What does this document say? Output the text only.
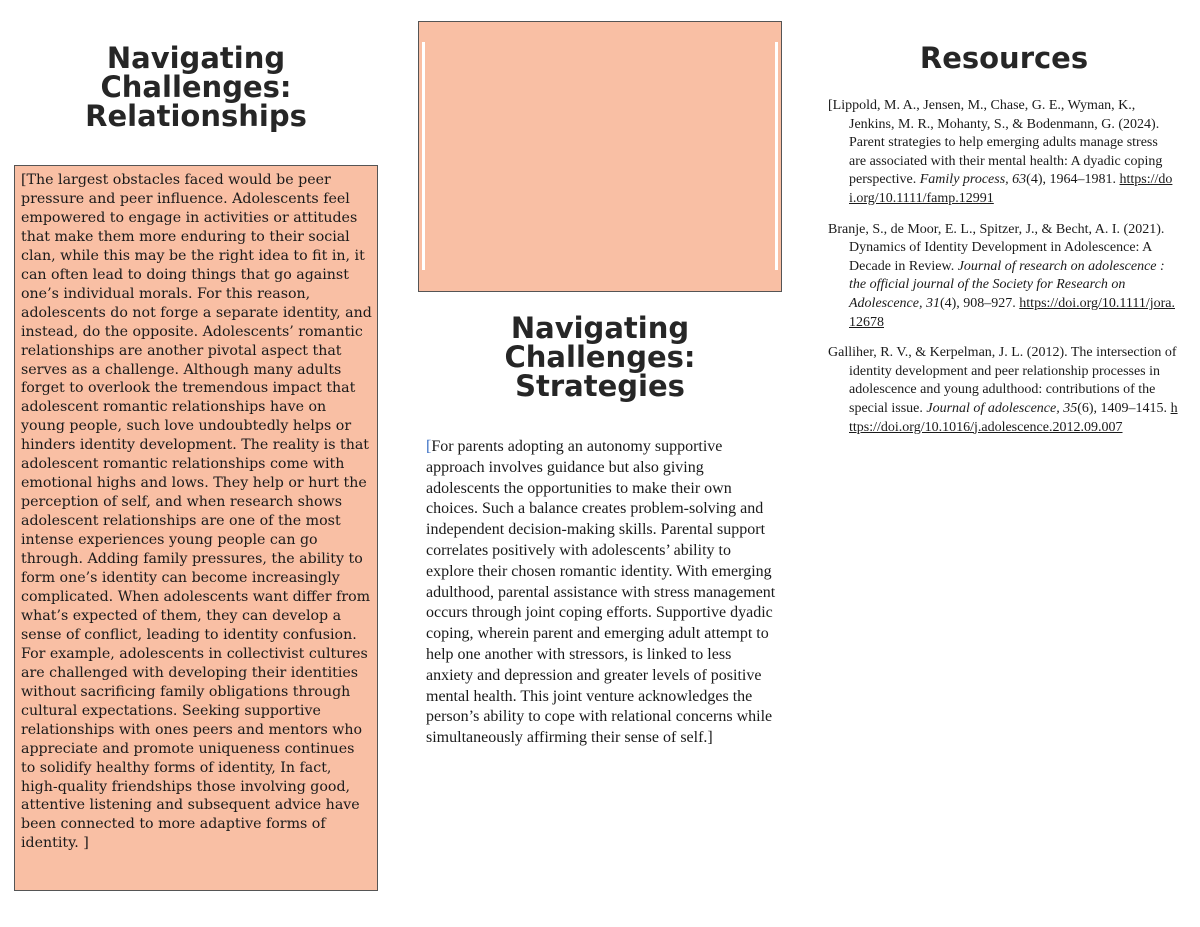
Navigating Challenges: Relationships

[The largest obstacles faced would be peer pressure and peer influence. Adolescents feel empowered to engage in activities or attitudes that make them more enduring to their social clan, while this may be the right idea to fit in, it can often lead to doing things that go against one’s individual morals. For this reason, adolescents do not forge a separate identity, and instead, do the opposite. Adolescents’ romantic relationships are another pivotal aspect that serves as a challenge. Although many adults forget to overlook the tremendous impact that adolescent romantic relationships have on young people, such love undoubtedly helps or hinders identity development. The reality is that adolescent romantic relationships come with emotional highs and lows. They help or hurt the perception of self, and when research shows adolescent relationships are one of the most intense experiences young people can go through. Adding family pressures, the ability to form one’s identity can become increasingly complicated. When adolescents want differ from what’s expected of them, they can develop a sense of conflict, leading to identity confusion. For example, adolescents in collectivist cultures are challenged with developing their identities without sacrificing family obligations through cultural expectations. Seeking supportive relationships with ones peers and mentors who appreciate and promote uniqueness continues to solidify healthy forms of identity, In fact, high-quality friendships those involving good, attentive listening and subsequent advice have been connected to more adaptive forms of identity. ]

Navigating Challenges: Strategies

[For parents adopting an autonomy supportive approach involves guidance but also giving adolescents the opportunities to make their own choices. Such a balance creates problem-solving and independent decision-making skills. Parental support correlates positively with adolescents’ ability to explore their chosen romantic identity. With emerging adulthood, parental assistance with stress management occurs through joint coping efforts. Supportive dyadic coping, wherein parent and emerging adult attempt to help one another with stressors, is linked to less anxiety and depression and greater levels of positive mental health. This joint venture acknowledges the person’s ability to cope with relational concerns while simultaneously affirming their sense of self.]

Resources

[Lippold, M. A., Jensen, M., Chase, G. E., Wyman, K., Jenkins, M. R., Mohanty, S., & Bodenmann, G. (2024). Parent strategies to help emerging adults manage stress are associated with their mental health: A dyadic coping perspective. Family process, 63(4), 1964–1981. https://doi.org/10.1111/famp.12991

Branje, S., de Moor, E. L., Spitzer, J., & Becht, A. I. (2021). Dynamics of Identity Development in Adolescence: A Decade in Review. Journal of research on adolescence : the official journal of the Society for Research on Adolescence, 31(4), 908–927. https://doi.org/10.1111/jora.12678

Galliher, R. V., & Kerpelman, J. L. (2012). The intersection of identity development and peer relationship processes in adolescence and young adulthood: contributions of the special issue. Journal of adolescence, 35(6), 1409–1415. https://doi.org/10.1016/j.adolescence.2012.09.007
